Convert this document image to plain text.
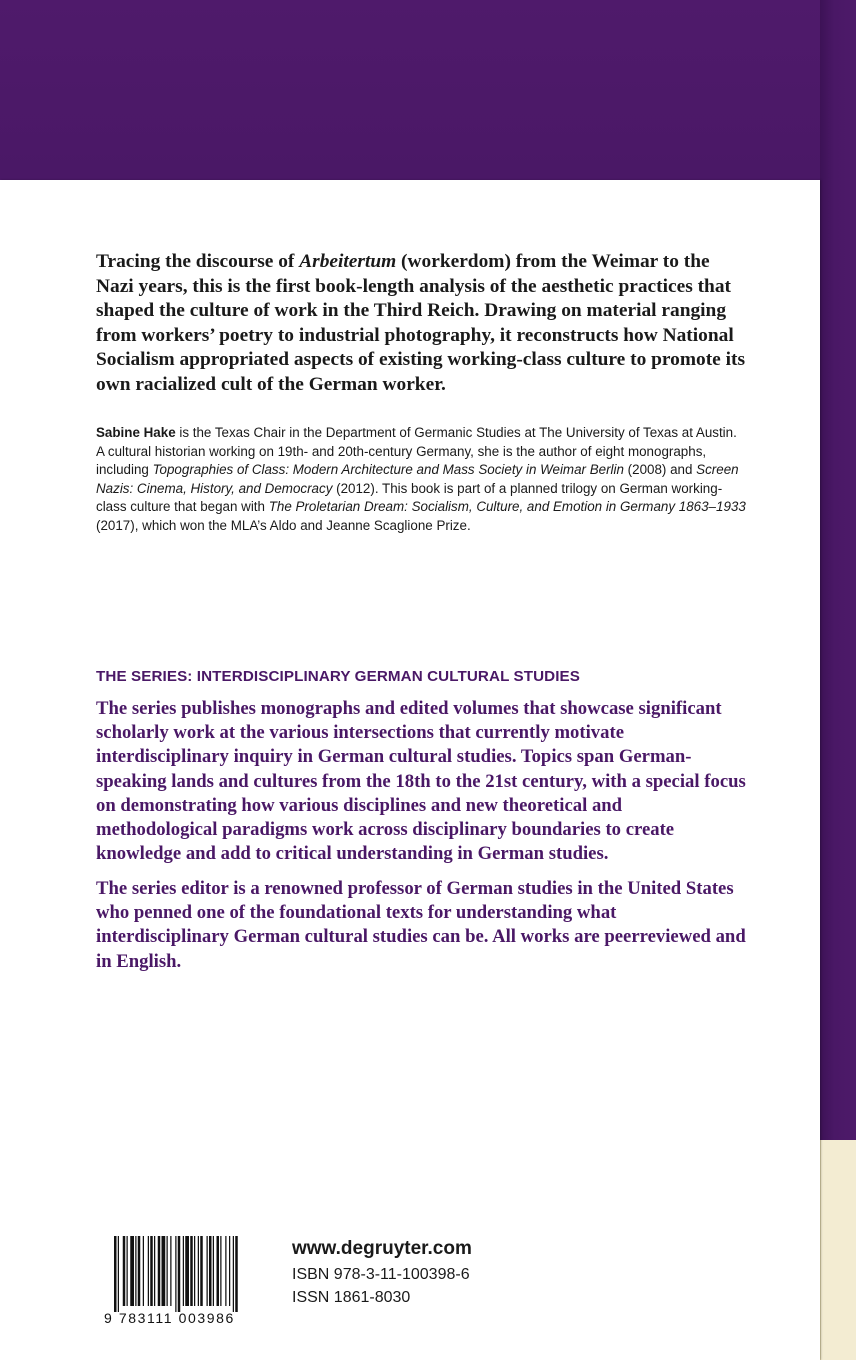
Tracing the discourse of Arbeitertum (workerdom) from the Weimar to the Nazi years, this is the first book-length analysis of the aesthetic practices that shaped the culture of work in the Third Reich. Drawing on material ranging from workers’ poetry to industrial photography, it reconstructs how National Socialism appropriated aspects of existing working-class culture to promote its own racialized cult of the German worker.

Sabine Hake is the Texas Chair in the Department of Germanic Studies at The University of Texas at Austin. A cultural historian working on 19th- and 20th-century Germany, she is the author of eight monographs, including Topographies of Class: Modern Architecture and Mass Society in Weimar Berlin (2008) and Screen Nazis: Cinema, History, and Democracy (2012). This book is part of a planned trilogy on German working-class culture that began with The Proletarian Dream: Socialism, Culture, and Emotion in Germany 1863–1933 (2017), which won the MLA’s Aldo and Jeanne Scaglione Prize.

THE SERIES: INTERDISCIPLINARY GERMAN CULTURAL STUDIES

The series publishes monographs and edited volumes that showcase significant scholarly work at the various intersections that currently motivate interdisciplinary inquiry in German cultural studies. Topics span German-speaking lands and cultures from the 18th to the 21st century, with a special focus on demonstrating how various disciplines and new theoretical and methodological paradigms work across disciplinary boundaries to create knowledge and add to critical understanding in German studies.

The series editor is a renowned professor of German studies in the United States who penned one of the foundational texts for understanding what interdisciplinary German cultural studies can be. All works are peerreviewed and in English.

9 783111 003986
www.degruyter.com
ISBN 978-3-11-100398-6
ISSN 1861-8030
